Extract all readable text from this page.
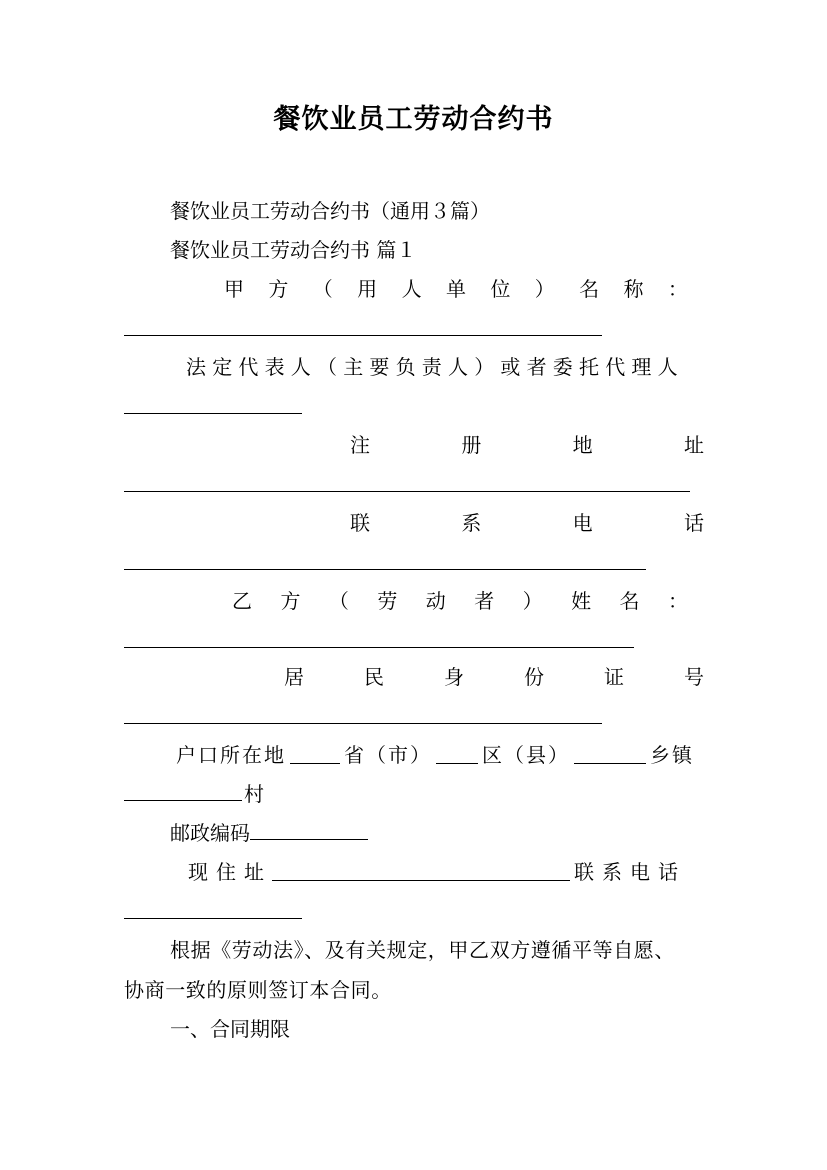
餐饮业员工劳动合约书
餐饮业员工劳动合约书（通用３篇）
餐饮业员工劳动合约书 篇１
甲 方 （ 用 人 单 位 ） 名 称 ：
法定代表人（主要负责人）或者委托代理人
注	册	地	址
联	系	电	话
乙 方 （ 劳 动 者 ） 姓 名 ：
居	民	身	份	证	号
户口所在地	省（市）	区（县）	乡镇
村
邮政编码
现住址	联系电话
根据《劳动法》、及有关规定，甲乙双方遵循平等自愿、
协商一致的原则签订本合同。
一、合同期限
